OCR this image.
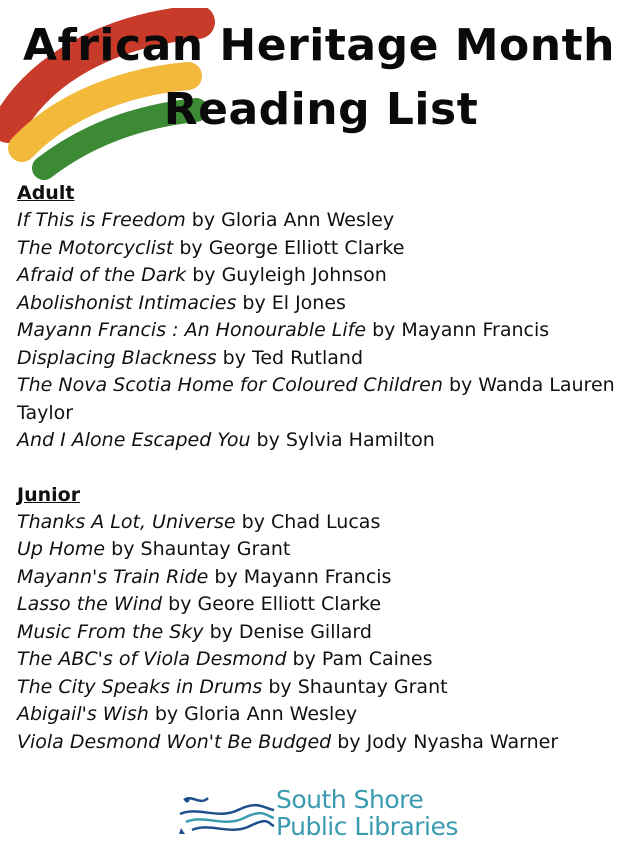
African Heritage Month
Reading List

Adult

If This is Freedom by Gloria Ann Wesley

The Motorcyclist by George Elliott Clarke

Afraid of the Dark by Guyleigh Johnson

Abolishonist Intimacies by El Jones

Mayann Francis : An Honourable Life by Mayann Francis

Displacing Blackness by Ted Rutland

The Nova Scotia Home for Coloured Children by Wanda Lauren Taylor

And I Alone Escaped You by Sylvia Hamilton

Junior

Thanks A Lot, Universe by Chad Lucas

Up Home by Shauntay Grant

Mayann's Train Ride by Mayann Francis

Lasso the Wind by Geore Elliott Clarke

Music From the Sky by Denise Gillard

The ABC's of Viola Desmond by Pam Caines

The City Speaks in Drums by Shauntay Grant

Abigail's Wish by Gloria Ann Wesley

Viola Desmond Won't Be Budged by Jody Nyasha Warner

South Shore
Public Libraries
